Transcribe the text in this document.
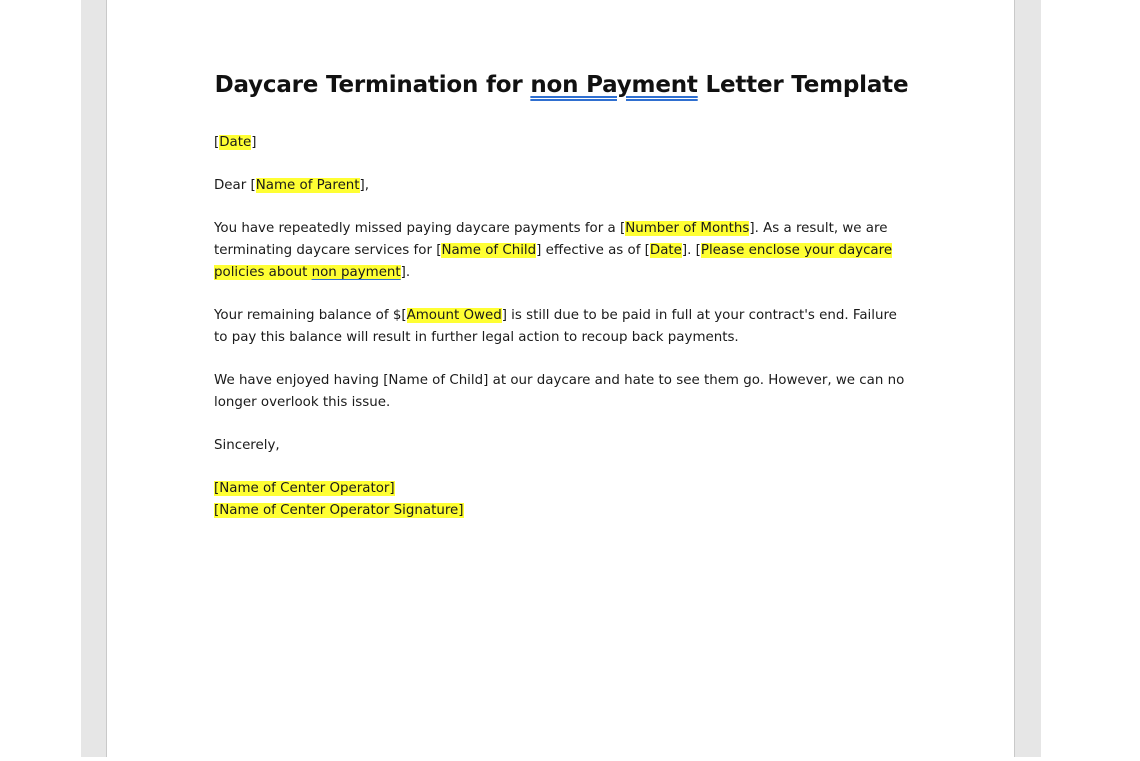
Daycare Termination for non Payment Letter Template

[Date]

Dear [Name of Parent],

You have repeatedly missed paying daycare payments for a [Number of Months]. As a result, we are terminating daycare services for [Name of Child] effective as of [Date]. [Please enclose your daycare policies about non payment].

Your remaining balance of $[Amount Owed] is still due to be paid in full at your contract's end. Failure to pay this balance will result in further legal action to recoup back payments.

We have enjoyed having [Name of Child] at our daycare and hate to see them go. However, we can no longer overlook this issue.

Sincerely,

[Name of Center Operator]
[Name of Center Operator Signature]
